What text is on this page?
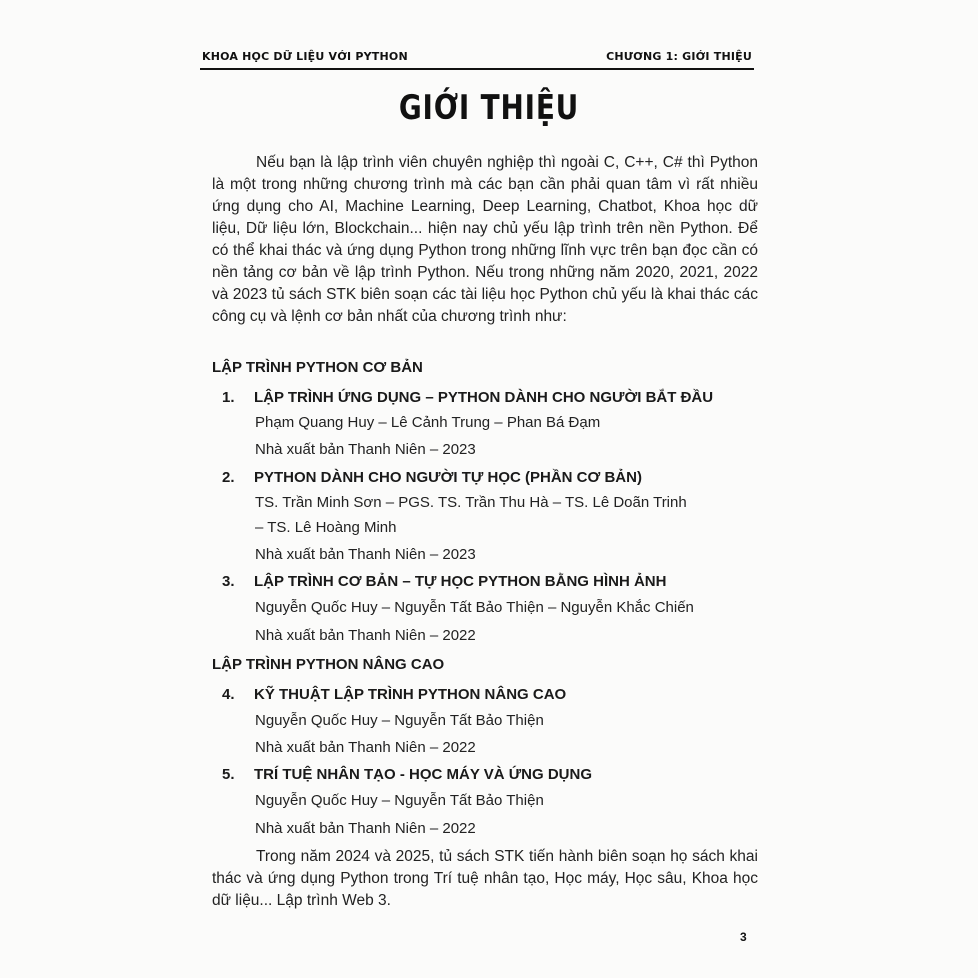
KHOA HỌC DỮ LIỆU VỚI PYTHON	CHƯƠNG 1: GIỚI THIỆU
GIỚI THIỆU
Nếu bạn là lập trình viên chuyên nghiệp thì ngoài C, C++, C# thì Python là một trong những chương trình mà các bạn cần phải quan tâm vì rất nhiều ứng dụng cho AI, Machine Learning, Deep Learning, Chatbot, Khoa học dữ liệu, Dữ liệu lớn, Blockchain... hiện nay chủ yếu lập trình trên nền Python. Để có thể khai thác và ứng dụng Python trong những lĩnh vực trên bạn đọc cần có nền tảng cơ bản về lập trình Python. Nếu trong những năm 2020, 2021, 2022 và 2023 tủ sách STK biên soạn các tài liệu học Python chủ yếu là khai thác các công cụ và lệnh cơ bản nhất của chương trình như:
LẬP TRÌNH PYTHON CƠ BẢN
1. LẬP TRÌNH ỨNG DỤNG – PYTHON DÀNH CHO NGƯỜI BẮT ĐẦU
Phạm Quang Huy – Lê Cảnh Trung – Phan Bá Đạm
Nhà xuất bản Thanh Niên – 2023
2. PYTHON DÀNH CHO NGƯỜI TỰ HỌC (PHẦN CƠ BẢN)
TS. Trần Minh Sơn – PGS. TS. Trần Thu Hà – TS. Lê Doãn Trinh
– TS. Lê Hoàng Minh
Nhà xuất bản Thanh Niên – 2023
3. LẬP TRÌNH CƠ BẢN – TỰ HỌC PYTHON BẰNG HÌNH ẢNH
Nguyễn Quốc Huy – Nguyễn Tất Bảo Thiện – Nguyễn Khắc Chiến
Nhà xuất bản Thanh Niên – 2022
LẬP TRÌNH PYTHON NÂNG CAO
4. KỸ THUẬT LẬP TRÌNH PYTHON NÂNG CAO
Nguyễn Quốc Huy – Nguyễn Tất Bảo Thiện
Nhà xuất bản Thanh Niên – 2022
5. TRÍ TUỆ NHÂN TẠO - HỌC MÁY VÀ ỨNG DỤNG
Nguyễn Quốc Huy – Nguyễn Tất Bảo Thiện
Nhà xuất bản Thanh Niên – 2022
Trong năm 2024 và 2025, tủ sách STK tiến hành biên soạn họ sách khai thác và ứng dụng Python trong Trí tuệ nhân tạo, Học máy, Học sâu, Khoa học dữ liệu... Lập trình Web 3.
3
